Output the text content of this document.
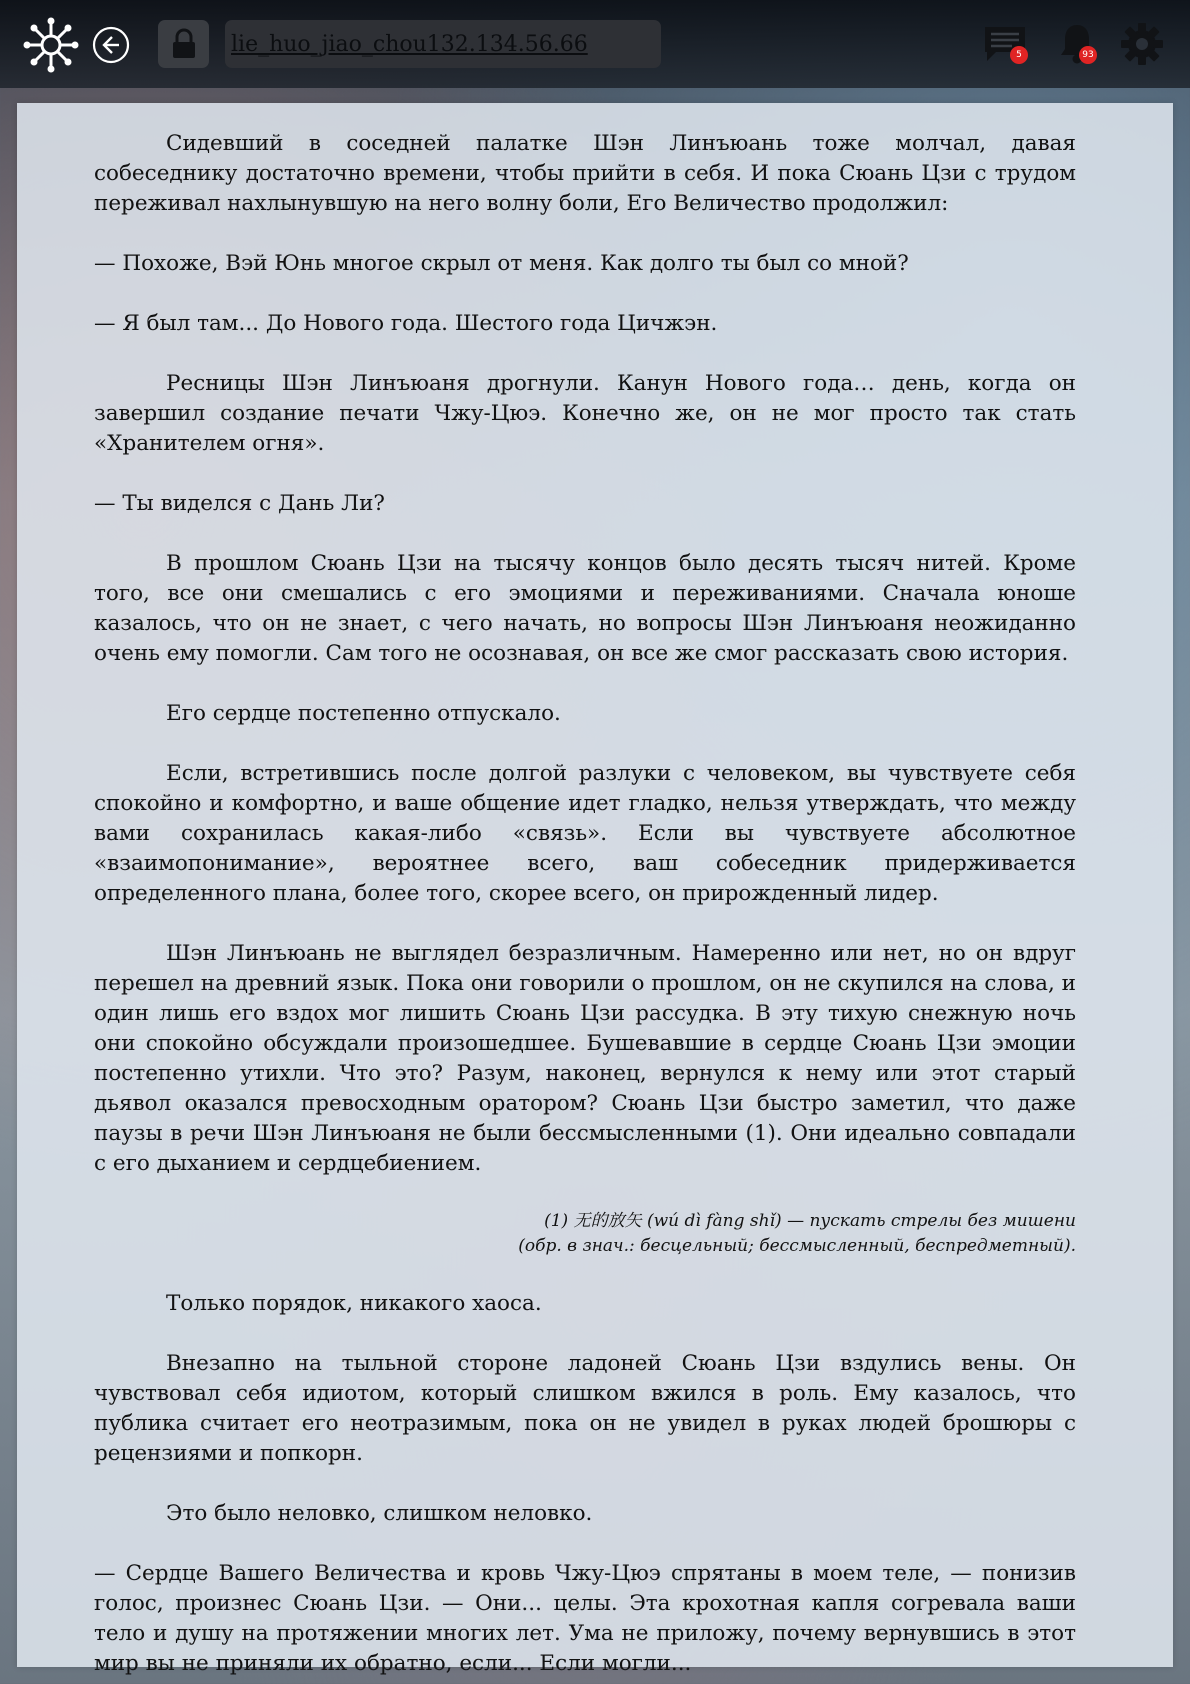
lie_huo_jiao_chou132.134.56.66
5	93

Сидевший в соседней палатке Шэн Линъюань тоже молчал, давая собеседнику достаточно времени, чтобы прийти в себя. И пока Сюань Цзи с трудом переживал нахлынувшую на него волну боли, Его Величество продолжил:

— Похоже, Вэй Юнь многое скрыл от меня. Как долго ты был со мной?

— Я был там... До Нового года. Шестого года Цичжэн.

Ресницы Шэн Линъюаня дрогнули. Канун Нового года… день, когда он завершил создание печати Чжу-Цюэ. Конечно же, он не мог просто так стать «Хранителем огня».

— Ты виделся с Дань Ли?

В прошлом Сюань Цзи на тысячу концов было десять тысяч нитей. Кроме того, все они смешались с его эмоциями и переживаниями. Сначала юноше казалось, что он не знает, с чего начать, но вопросы Шэн Линъюаня неожиданно очень ему помогли. Сам того не осознавая, он все же смог рассказать свою история.

Его сердце постепенно отпускало.

Если, встретившись после долгой разлуки с человеком, вы чувствуете себя спокойно и комфортно, и ваше общение идет гладко, нельзя утверждать, что между вами сохранилась какая-либо «связь». Если вы чувствуете абсолютное «взаимопонимание», вероятнее всего, ваш собеседник придерживается определенного плана, более того, скорее всего, он прирожденный лидер.

Шэн Линъюань не выглядел безразличным. Намеренно или нет, но он вдруг перешел на древний язык. Пока они говорили о прошлом, он не скупился на слова, и один лишь его вздох мог лишить Сюань Цзи рассудка. В эту тихую снежную ночь они спокойно обсуждали произошедшее. Бушевавшие в сердце Сюань Цзи эмоции постепенно утихли. Что это? Разум, наконец, вернулся к нему или этот старый дьявол оказался превосходным оратором? Сюань Цзи быстро заметил, что даже паузы в речи Шэн Линъюаня не были бессмысленными (1). Они идеально совпадали с его дыханием и сердцебиением.

(1) 无的放矢 (wú dì fàng shǐ) — пускать стрелы без мишени
(обр. в знач.: бесцельный; бессмысленный, беспредметный).

Только порядок, никакого хаоса.

Внезапно на тыльной стороне ладоней Сюань Цзи вздулись вены. Он чувствовал себя идиотом, который слишком вжился в роль. Ему казалось, что публика считает его неотразимым, пока он не увидел в руках людей брошюры с рецензиями и попкорн.

Это было неловко, слишком неловко.

— Сердце Вашего Величества и кровь Чжу-Цюэ спрятаны в моем теле, — понизив голос, произнес Сюань Цзи. — Они... целы. Эта крохотная капля согревала ваши тело и душу на протяжении многих лет. Ума не приложу, почему вернувшись в этот мир вы не приняли их обратно, если... Если могли...
